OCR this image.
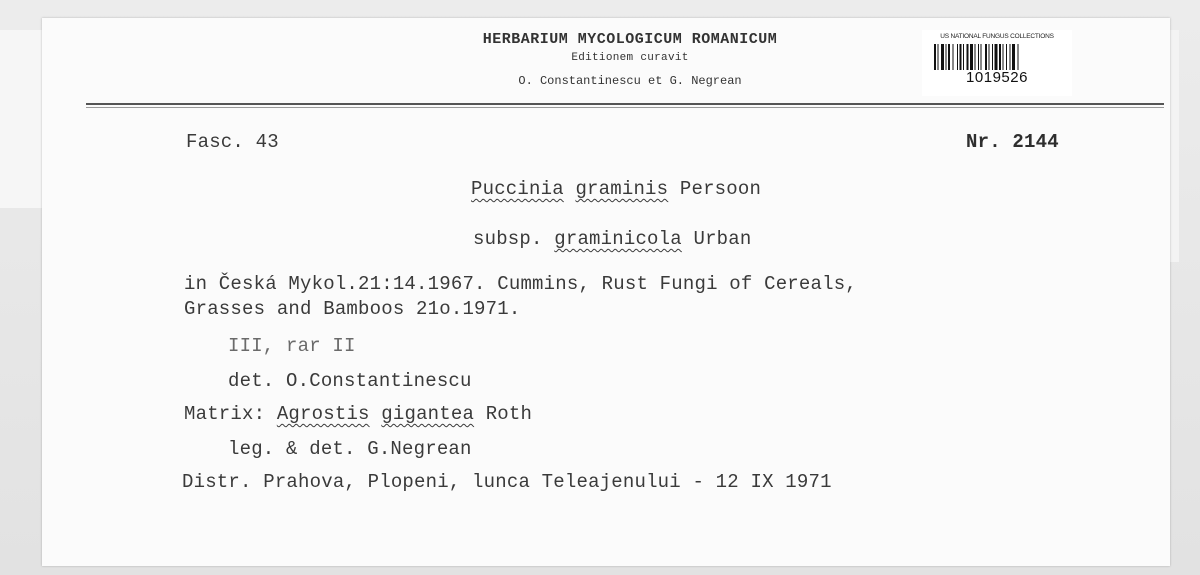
HERBARIUM MYCOLOGICUM ROMANICUM
Editionem curavit
O. Constantinescu et G. Negrean
US NATIONAL FUNGUS COLLECTIONS
1019526
Fasc. 43	Nr. 2144
Puccinia graminis Persoon
subsp. graminicola Urban
in Česká Mykol.21:14.1967. Cummins, Rust Fungi of Cereals,
Grasses and Bamboos 21o.1971.
III, rar II
det. O.Constantinescu
Matrix: Agrostis gigantea Roth
leg. & det. G.Negrean
Distr. Prahova, Plopeni, lunca Teleajenului - 12 IX 1971
